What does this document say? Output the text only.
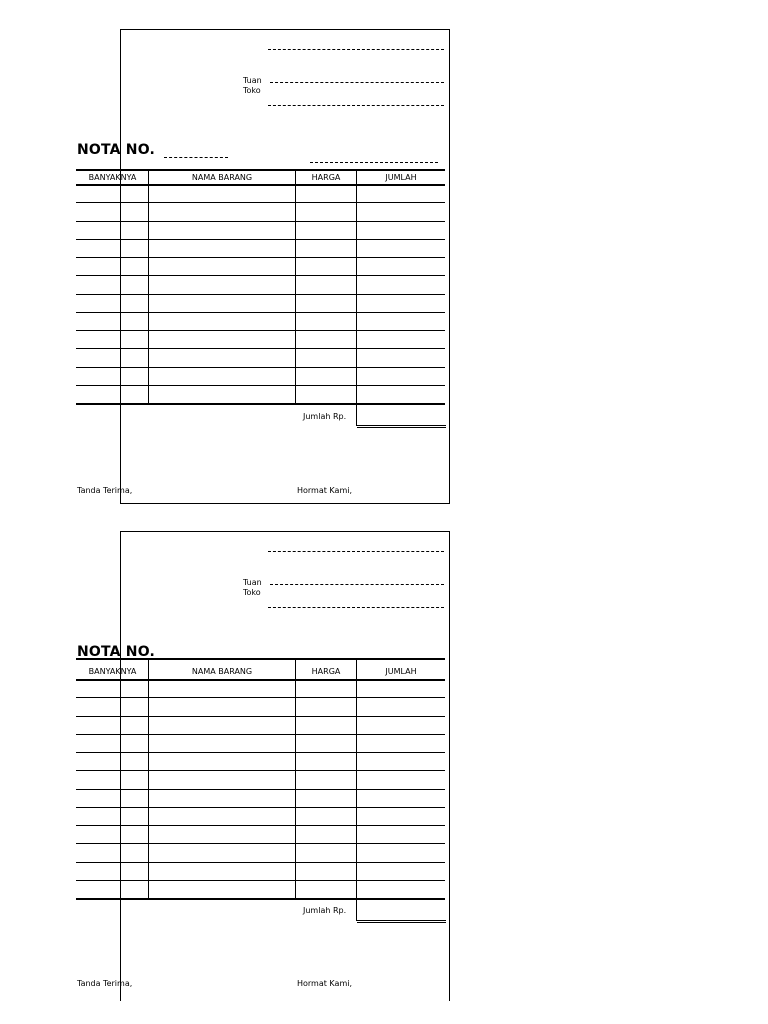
Tuan
Toko
NOTA NO.
BANYAKNYA	NAMA BARANG	HARGA	JUMLAH
Jumlah Rp.
Tanda Terima,	Hormat Kami,
Tuan
Toko
NOTA NO.
BANYAKNYA	NAMA BARANG	HARGA	JUMLAH
Jumlah Rp.
Tanda Terima,	Hormat Kami,
